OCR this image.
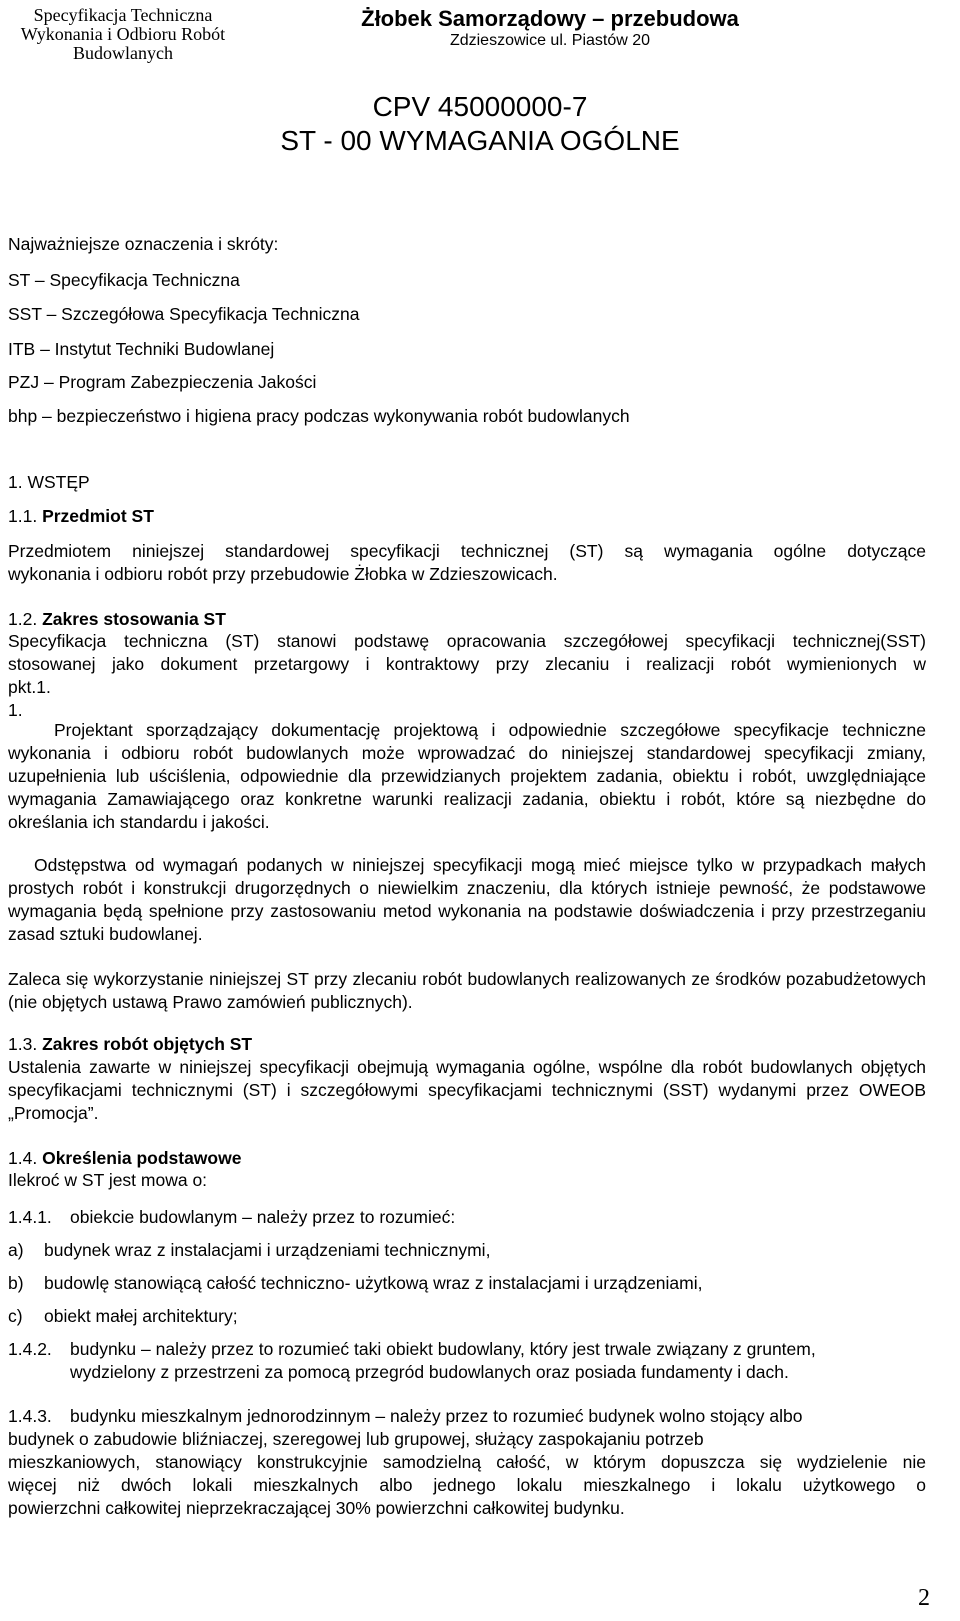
Specyfikacja Techniczna
Wykonania i Odbioru Robót
Budowlanych
Żłobek Samorządowy – przebudowa
Zdzieszowice ul. Piastów 20
CPV 45000000-7
ST - 00 WYMAGANIA OGÓLNE
Najważniejsze oznaczenia i skróty:
ST – Specyfikacja Techniczna
SST – Szczegółowa Specyfikacja Techniczna
ITB – Instytut Techniki Budowlanej
PZJ – Program Zabezpieczenia Jakości
bhp – bezpieczeństwo i higiena pracy podczas wykonywania robót budowlanych
1. WSTĘP
1.1. Przedmiot ST
Przedmiotem niniejszej standardowej specyfikacji technicznej (ST) są wymagania ogólne dotyczące
wykonania i odbioru robót przy przebudowie Żłobka w Zdzieszowicach.
1.2. Zakres stosowania ST
Specyfikacja techniczna (ST) stanowi podstawę opracowania szczegółowej specyfikacji technicznej(SST)
stosowanej jako dokument przetargowy i kontraktowy przy zlecaniu i realizacji robót wymienionych w
pkt.1.
1.
Projektant sporządzający dokumentację projektową i odpowiednie szczegółowe specyfikacje techniczne wykonania i odbioru robót budowlanych może wprowadzać do niniejszej standardowej specyfikacji zmiany, uzupełnienia lub uściślenia, odpowiednie dla przewidzianych projektem zadania, obiektu i robót, uwzględniające wymagania Zamawiającego oraz konkretne warunki realizacji zadania, obiektu i robót, które są niezbędne do określania ich standardu i jakości.
Odstępstwa od wymagań podanych w niniejszej specyfikacji mogą mieć miejsce tylko w przypadkach małych prostych robót i konstrukcji drugorzędnych o niewielkim znaczeniu, dla których istnieje pewność, że podstawowe wymagania będą spełnione przy zastosowaniu metod wykonania na podstawie doświadczenia i przy przestrzeganiu zasad sztuki budowlanej.
Zaleca się wykorzystanie niniejszej ST przy zlecaniu robót budowlanych realizowanych ze środków pozabudżetowych (nie objętych ustawą Prawo zamówień publicznych).
1.3. Zakres robót objętych ST
Ustalenia zawarte w niniejszej specyfikacji obejmują wymagania ogólne, wspólne dla robót budowlanych objętych specyfikacjami technicznymi (ST) i szczegółowymi specyfikacjami technicznymi (SST) wydanymi przez OWEOB „Promocja”.
1.4. Określenia podstawowe
Ilekroć w ST jest mowa o:
1.4.1. obiekcie budowlanym – należy przez to rozumieć:
a) budynek wraz z instalacjami i urządzeniami technicznymi,
b) budowlę stanowiącą całość techniczno- użytkową wraz z instalacjami i urządzeniami,
c) obiekt małej architektury;
1.4.2. budynku – należy przez to rozumieć taki obiekt budowlany, który jest trwale związany z gruntem,
wydzielony z przestrzeni za pomocą przegród budowlanych oraz posiada fundamenty i dach.
1.4.3. budynku mieszkalnym jednorodzinnym – należy przez to rozumieć budynek wolno stojący albo
budynek o zabudowie bliźniaczej, szeregowej lub grupowej, służący zaspokajaniu potrzeb
mieszkaniowych, stanowiący konstrukcyjnie samodzielną całość, w którym dopuszcza się wydzielenie nie
więcej niż dwóch lokali mieszkalnych albo jednego lokalu mieszkalnego i lokalu użytkowego o
powierzchni całkowitej nieprzekraczającej 30% powierzchni całkowitej budynku.
2
